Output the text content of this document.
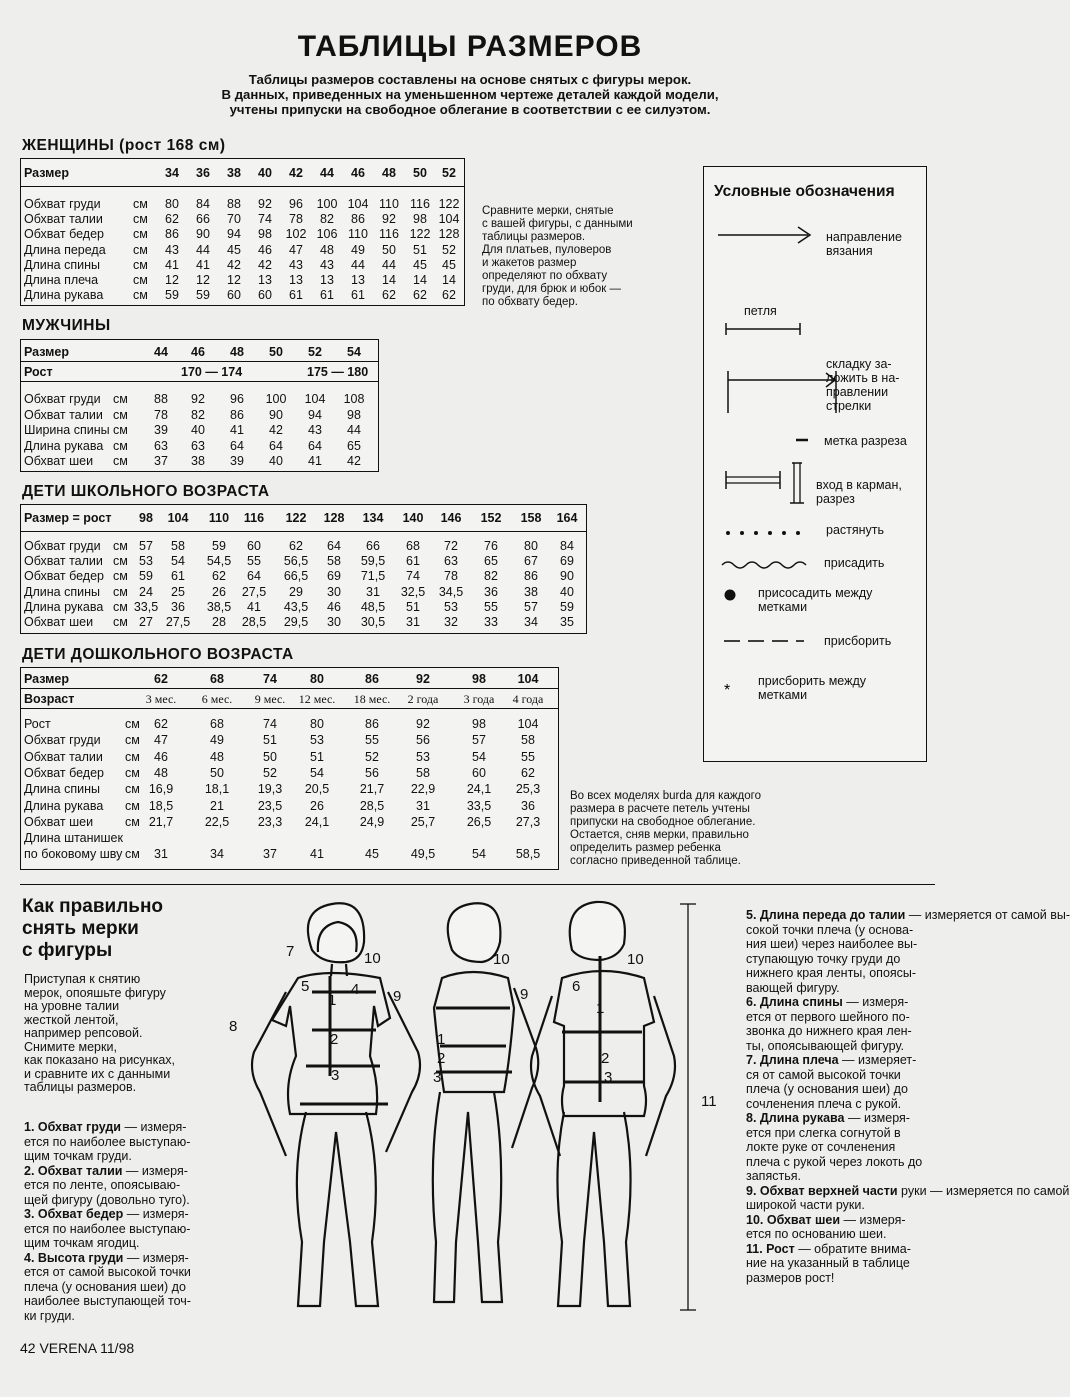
ТАБЛИЦЫ РАЗМЕРОВ
Таблицы размеров составлены на основе снятых с фигуры мерок.
В данных, приведенных на уменьшенном чертеже деталей каждой модели,
учтены припуски на свободное облегание в соответствии с ее силуэтом.
ЖЕНЩИНЫ (рост 168 см)
Размер	34	36	38	40	42	44	46	48	50	52
Обхват груди	см	80	84	88	92	96	100 104 110 116 122
Обхват талии см	62	66	70	74	78	82	86	92	98 104
Обхват бедер см	86	90	94	98	102 106 110 116 122 128
Длина переда см	43	44	45	46	47	48	49	50	51	52
Длина спины	см	41	41	42	42	43	43	44	44	45	45
Длина плеча	см	12	12	12	13	13	13	13	14	14	14
Длина рукава см	59	59	60	60	61	61	61	62	62	62
Сравните мерки, снятые
с вашей фигуры, с данными
таблицы размеров.
Для платьев, пуловеров
и жакетов размер
определяют по обхвату
груди, для брюк и юбок —
по обхвату бедер.
МУЖЧИНЫ
Размер	44	46	48	50	52	54
Рост	170 — 174	175 — 180
Обхват груди см	88	92	96	100	104	108
Обхват талии см	78	82	86	90	94	98
Ширина спины см	39	40	41	42	43	44
Длина рукава см	63	63	64	64	64	65
Обхват шеи см	37	38	39	40	41	42
ДЕТИ ШКОЛЬНОГО ВОЗРАСТА
Размер = рост	98	104	110	116	122	128	134	140	146	152	158	164
Обхват груди см 57	58	59	60	62	64	66	68	72	76	80	84
Обхват талии см 53	54	54,5	55	56,5	58	59,5	61	63	65	67	69
Обхват бедер см 59	61	62	64	66,5	69	71,5	74	78	82	86	90
Длина спины см 24	25	26	27,5	29	30	31	32,5	34,5	36	38	40
Длина рукава см 33,5	36	38,5	41	43,5	46	48,5	51	53	55	57	59
Обхват шеи см 27	27,5	28	28,5	29,5	30	30,5	31	32	33	34	35
ДЕТИ ДОШКОЛЬНОГО ВОЗРАСТА
Размер	62	68	74	80	86	92	98	104
Возраст	3 мес.	6 мес.	9 мес.	12 мес.	18 мес.	2 года	3 года	4 года
Рост	см	62	68	74	80	86	92	98	104
Обхват груди см	47	49	51	53	55	56	57	58
Обхват талии см	46	48	50	51	52	53	54	55
Обхват бедер см	48	50	52	54	56	58	60	62
Длина спины см 16,9	18,1	19,3	20,5	21,7	22,9	24,1	25,3
Длина рукава см 18,5	21	23,5	26	28,5	31	33,5	36
Обхват шеи	см 21,7	22,5	23,3	24,1	24,9	25,7	26,5	27,3
Длина штанишек
по боковому шву см	31	34	37	41	45	49,5	54	58,5
Во всех моделях burda для каждого
размера в расчете петель учтены
припуски на свободное облегание.
Остается, сняв мерки, правильно
определить размер ребенка
согласно приведенной таблице.
Условные обозначения
*
направление
вязания
петля
складку за-
ложить в на-
правлении
стрелки
метка разреза
вход в карман,
разрез
растянуть
присадить
приcосадить между
метками
присборить
присборить между
метками
Как правильно
снять мерки
с фигуры
Приступая к снятию
мерок, опояшьте фигуру
на уровне талии
жесткой лентой,
например репсовой.
Снимите мерки,
как показано на рисунках,
и сравните их с данными
таблицы размеров.
1. Обхват груди — измеря-
ется по наиболее выступаю-
щим точкам груди.
2. Обхват талии — измеря-
ется по ленте, опоясываю-
щей фигуру (довольно туго).
3. Обхват бедер — измеря-
ется по наиболее выступаю-
щим точкам ягодиц.
4. Высота груди — измеря-
ется от самой высокой точки
плеча (у основания шеи) до
наиболее выступающей точ-
ки груди.
5. Длина переда до талии — измеряется от самой вы-
сокой точки плеча (у основа-
ния шеи) через наиболее вы-
ступающую точку груди до
нижнего края ленты, опоясы-
вающей фигуру.
6. Длина спины — измеря-
ется от первого шейного по-
звонка до нижнего края лен-
ты, опоясывающей фигуру.
7. Длина плеча — измеряет-
ся от самой высокой точки
плеча (у основания шеи) до
сочленения плеча с рукой.
8. Длина рукава — измеря-
ется при слегка согнутой в
локте руке от сочленения
плеча с рукой через локоть до
запястья.
9. Обхват верхней части руки — измеряется по самой
широкой части руки.
10. Обхват шеи — измеря-
ется по основанию шеи.
11. Рост — обратите внима-
ние на указанный в таблице
размеров рост!
7	10
5	4 9
1
8
2
3
10
9
1
2
3
10
6
1
2
3
11
42 VERENA 11/98
